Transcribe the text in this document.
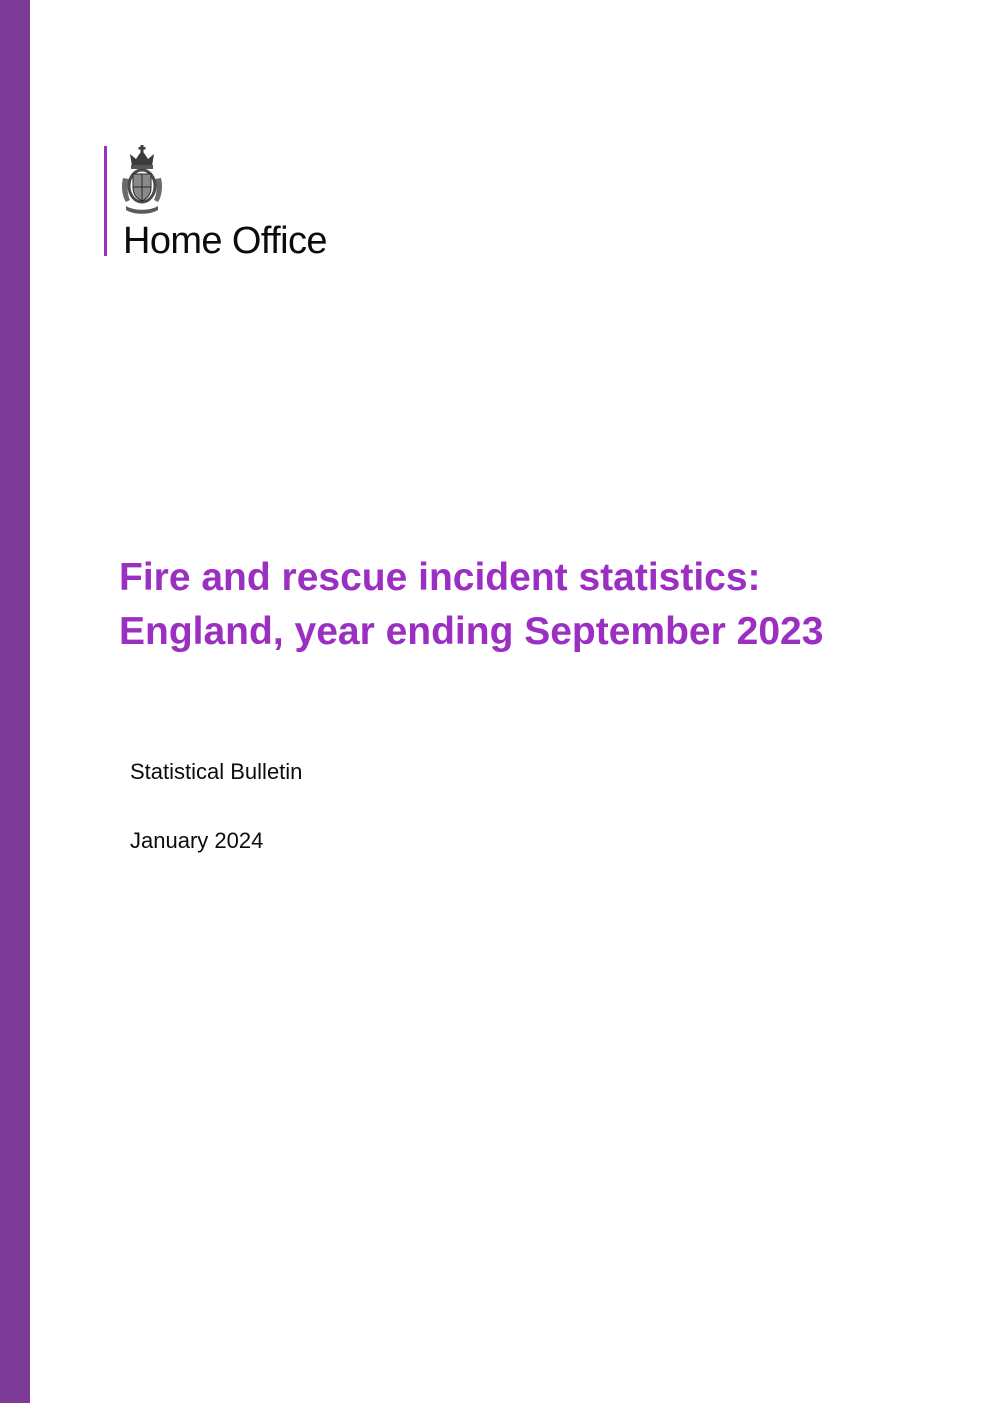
Home Office
Fire and rescue incident statistics:
England, year ending September 2023
Statistical Bulletin
January 2024
